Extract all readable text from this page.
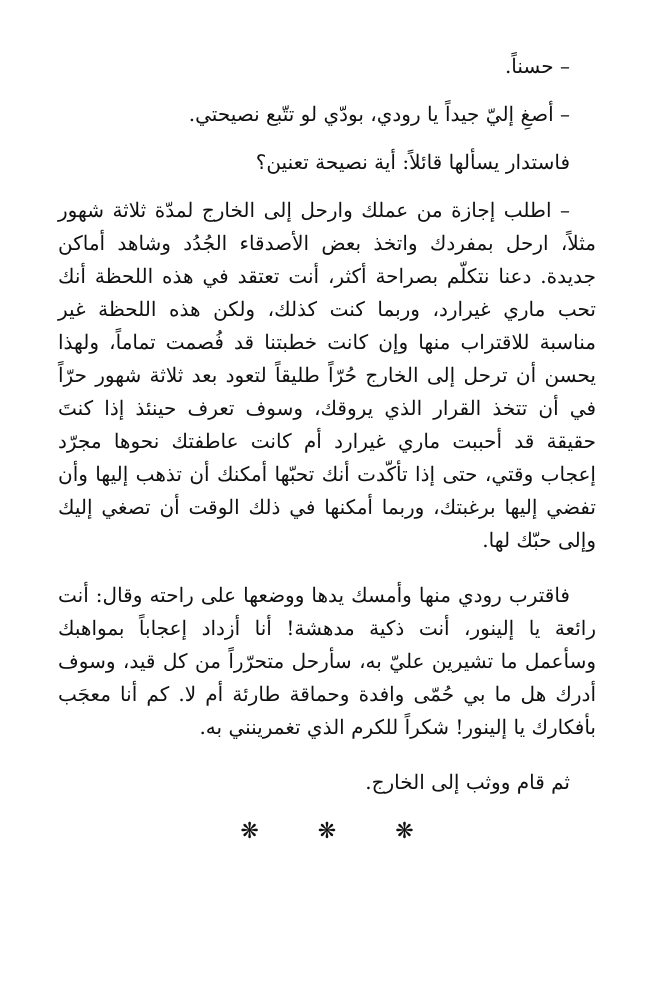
– حسناً.

– أصغِ إليّ جيداً يا رودي، بودّي لو تتّبع نصيحتي.

فاستدار يسألها قائلاً: أية نصيحة تعنين؟

– اطلب إجازة من عملك وارحل إلى الخارج لمدّة ثلاثة شهور مثلاً، ارحل بمفردك واتخذ بعض الأصدقاء الجُدُد وشاهد أماكن جديدة. دعنا نتكلّم بصراحة أكثر، أنت تعتقد في هذه اللحظة أنك تحب ماري غيرارد، وربما كنت كذلك، ولكن هذه اللحظة غير مناسبة للاقتراب منها وإن كانت خطبتنا قد فُصمت تماماً، ولهذا يحسن أن ترحل إلى الخارج حُرّاً طليقاً لتعود بعد ثلاثة شهور حرّاً في أن تتخذ القرار الذي يروقك، وسوف تعرف حينئذ إذا كنتَ حقيقة قد أحببت ماري غيرارد أم كانت عاطفتك نحوها مجرّد إعجاب وقتي، حتى إذا تأكّدت أنك تحبّها أمكنك أن تذهب إليها وأن تفضي إليها برغبتك، وربما أمكنها في ذلك الوقت أن تصغي إليك وإلى حبّك لها.

فاقترب رودي منها وأمسك يدها ووضعها على راحته وقال: أنت رائعة يا إلينور، أنت ذكية مدهشة! أنا أزداد إعجاباً بمواهبك وسأعمل ما تشيرين عليّ به، سأرحل متحرّراً من كل قيد، وسوف أدرك هل ما بي حُمّى وافدة وحماقة طارئة أم لا. كم أنا معجَب بأفكارك يا إلينور! شكراً للكرم الذي تغمرينني به.

ثم قام ووثب إلى الخارج.

❋ ❋ ❋
